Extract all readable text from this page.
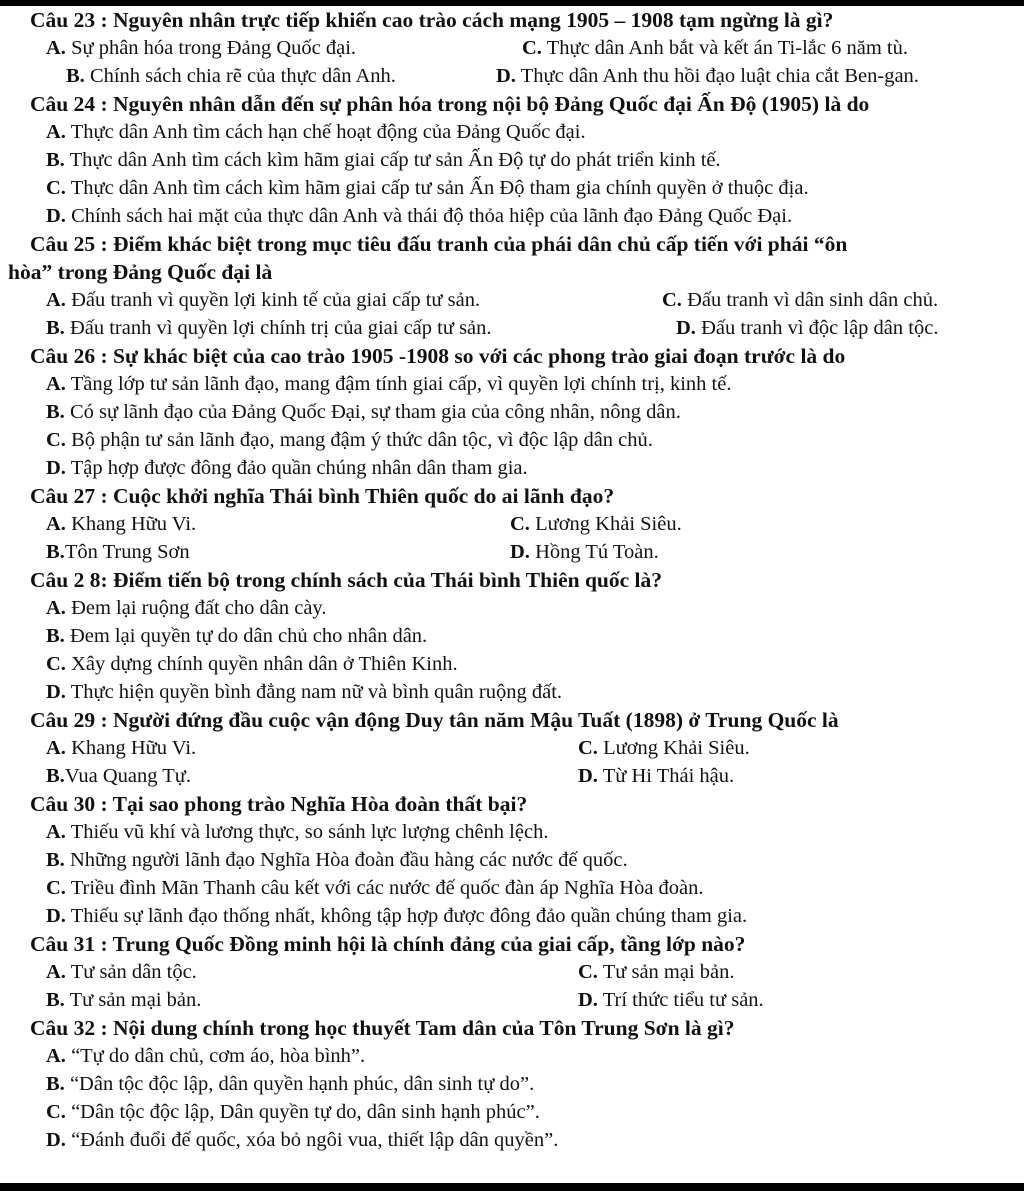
Câu 23 : Nguyên nhân trực tiếp khiến cao trào cách mạng 1905 – 1908 tạm ngừng là gì?
A. Sự phân hóa trong Đảng Quốc đại.	C. Thực dân Anh bắt và kết án Ti-lắc 6 năm tù.
B. Chính sách chia rẽ của thực dân Anh.	D. Thực dân Anh thu hồi đạo luật chia cắt Ben-gan.
Câu 24 : Nguyên nhân dẫn đến sự phân hóa trong nội bộ Đảng Quốc đại Ấn Độ (1905) là do
A. Thực dân Anh tìm cách hạn chế hoạt động của Đảng Quốc đại.
B. Thực dân Anh tìm cách kìm hãm giai cấp tư sản Ấn Độ tự do phát triển kinh tế.
C. Thực dân Anh tìm cách kìm hãm giai cấp tư sản Ấn Độ tham gia chính quyền ở thuộc địa.
D. Chính sách hai mặt của thực dân Anh và thái độ thỏa hiệp của lãnh đạo Đảng Quốc Đại.
Câu 25 : Điểm khác biệt trong mục tiêu đấu tranh của phái dân chủ cấp tiến với phái “ôn
hòa” trong Đảng Quốc đại là
A. Đấu tranh vì quyền lợi kinh tế của giai cấp tư sản.	C. Đấu tranh vì dân sinh dân chủ.
B. Đấu tranh vì quyền lợi chính trị của giai cấp tư sản.	D. Đấu tranh vì độc lập dân tộc.
Câu 26 : Sự khác biệt của cao trào 1905 -1908 so với các phong trào giai đoạn trước là do
A. Tầng lớp tư sản lãnh đạo, mang đậm tính giai cấp, vì quyền lợi chính trị, kinh tế.
B. Có sự lãnh đạo của Đảng Quốc Đại, sự tham gia của công nhân, nông dân.
C. Bộ phận tư sản lãnh đạo, mang đậm ý thức dân tộc, vì độc lập dân chủ.
D. Tập hợp được đông đảo quần chúng nhân dân tham gia.
Câu 27 : Cuộc khởi nghĩa Thái bình Thiên quốc do ai lãnh đạo?
A. Khang Hữu Vi.	C. Lương Khải Siêu.
B.Tôn Trung Sơn	D. Hồng Tú Toàn.
Câu 2 8: Điểm tiến bộ trong chính sách của Thái bình Thiên quốc là?
A. Đem lại ruộng đất cho dân cày.
B. Đem lại quyền tự do dân chủ cho nhân dân.
C. Xây dựng chính quyền nhân dân ở Thiên Kinh.
D. Thực hiện quyền bình đẳng nam nữ và bình quân ruộng đất.
Câu 29 : Người đứng đầu cuộc vận động Duy tân năm Mậu Tuất (1898) ở Trung Quốc là
A. Khang Hữu Vi.	C. Lương Khải Siêu.
B.Vua Quang Tự.	D. Từ Hi Thái hậu.
Câu 30 : Tại sao phong trào Nghĩa Hòa đoàn thất bại?
A. Thiếu vũ khí và lương thực, so sánh lực lượng chênh lệch.
B. Những người lãnh đạo Nghĩa Hòa đoàn đầu hàng các nước đế quốc.
C. Triều đình Mãn Thanh câu kết với các nước đế quốc đàn áp Nghĩa Hòa đoàn.
D. Thiếu sự lãnh đạo thống nhất, không tập hợp được đông đảo quần chúng tham gia.
Câu 31 : Trung Quốc Đồng minh hội là chính đảng của giai cấp, tầng lớp nào?
A. Tư sản dân tộc.	C. Tư sản mại bản.
B. Tư sản mại bản.	D. Trí thức tiểu tư sản.
Câu 32 : Nội dung chính trong học thuyết Tam dân của Tôn Trung Sơn là gì?
A. “Tự do dân chủ, cơm áo, hòa bình”.
B. “Dân tộc độc lập, dân quyền hạnh phúc, dân sinh tự do”.
C. “Dân tộc độc lập, Dân quyền tự do, dân sinh hạnh phúc”.
D. “Đánh đuổi đế quốc, xóa bỏ ngôi vua, thiết lập dân quyền”.
